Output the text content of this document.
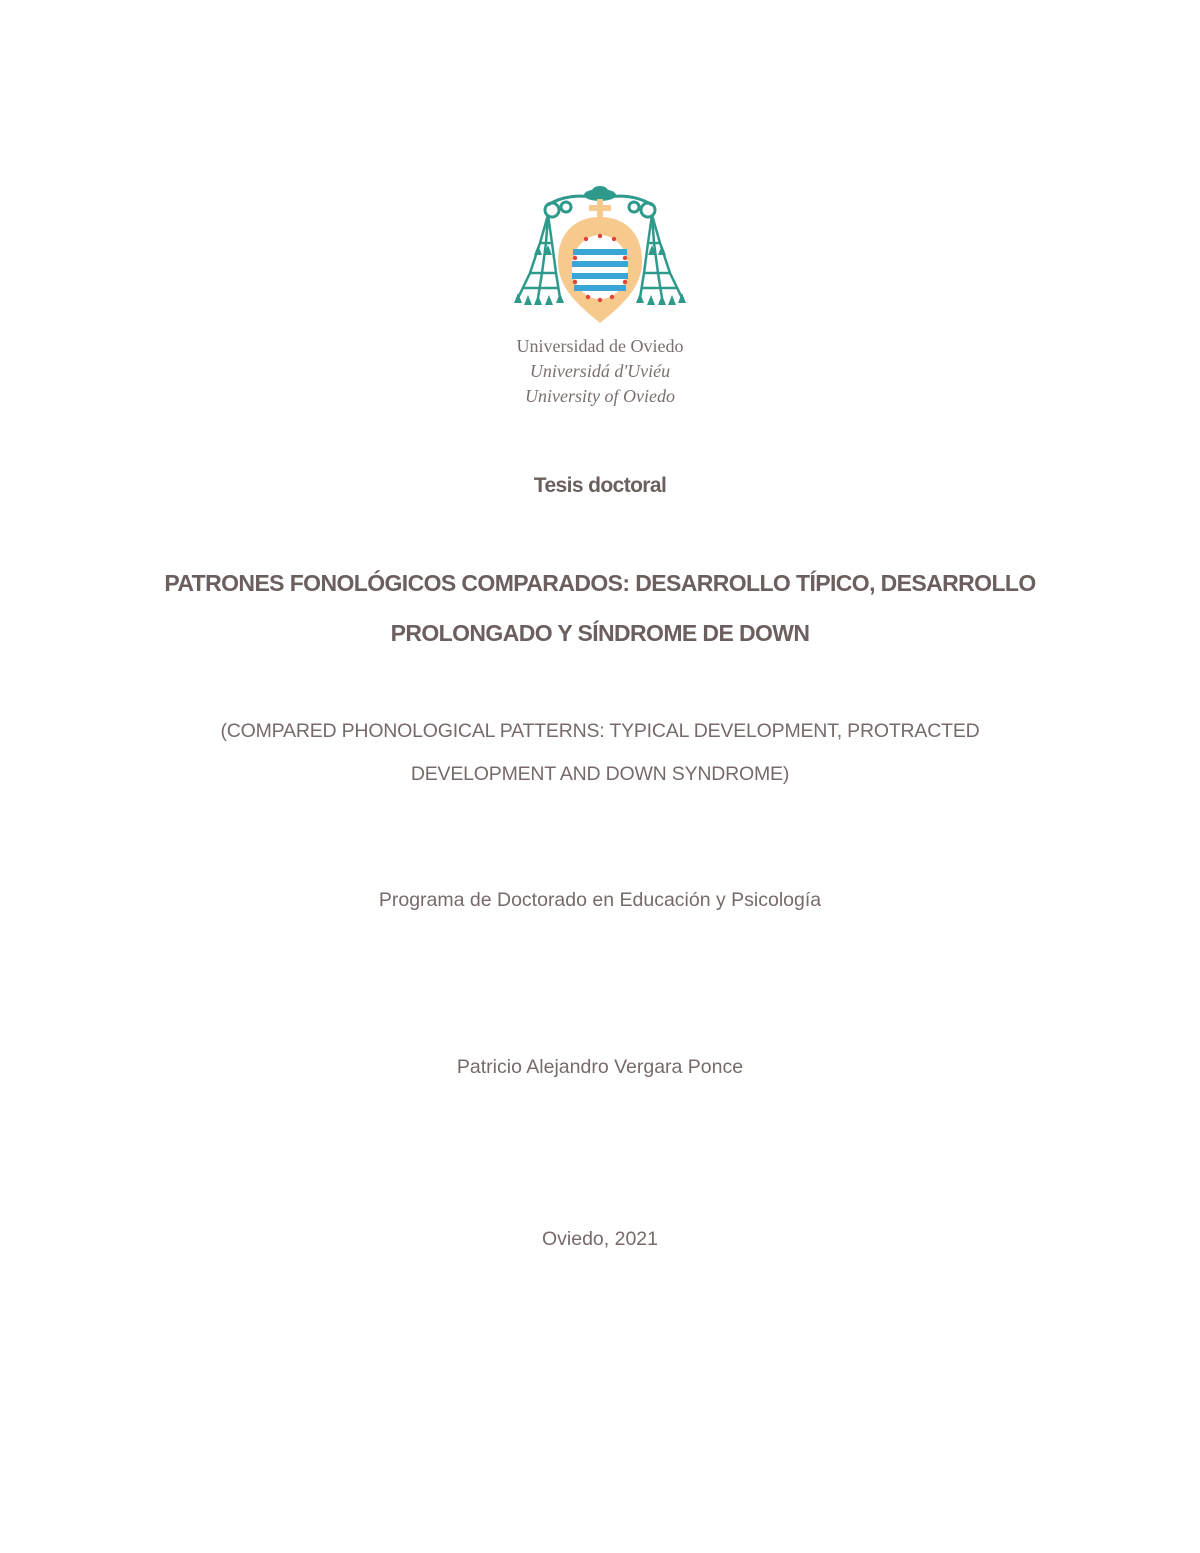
Universidad de Oviedo
Universidá d'Uviéu
University of Oviedo
Tesis doctoral
PATRONES FONOLÓGICOS COMPARADOS: DESARROLLO TÍPICO, DESARROLLO
PROLONGADO Y SÍNDROME DE DOWN
(COMPARED PHONOLOGICAL PATTERNS: TYPICAL DEVELOPMENT, PROTRACTED
DEVELOPMENT AND DOWN SYNDROME)
Programa de Doctorado en Educación y Psicología
Patricio Alejandro Vergara Ponce
Oviedo, 2021
